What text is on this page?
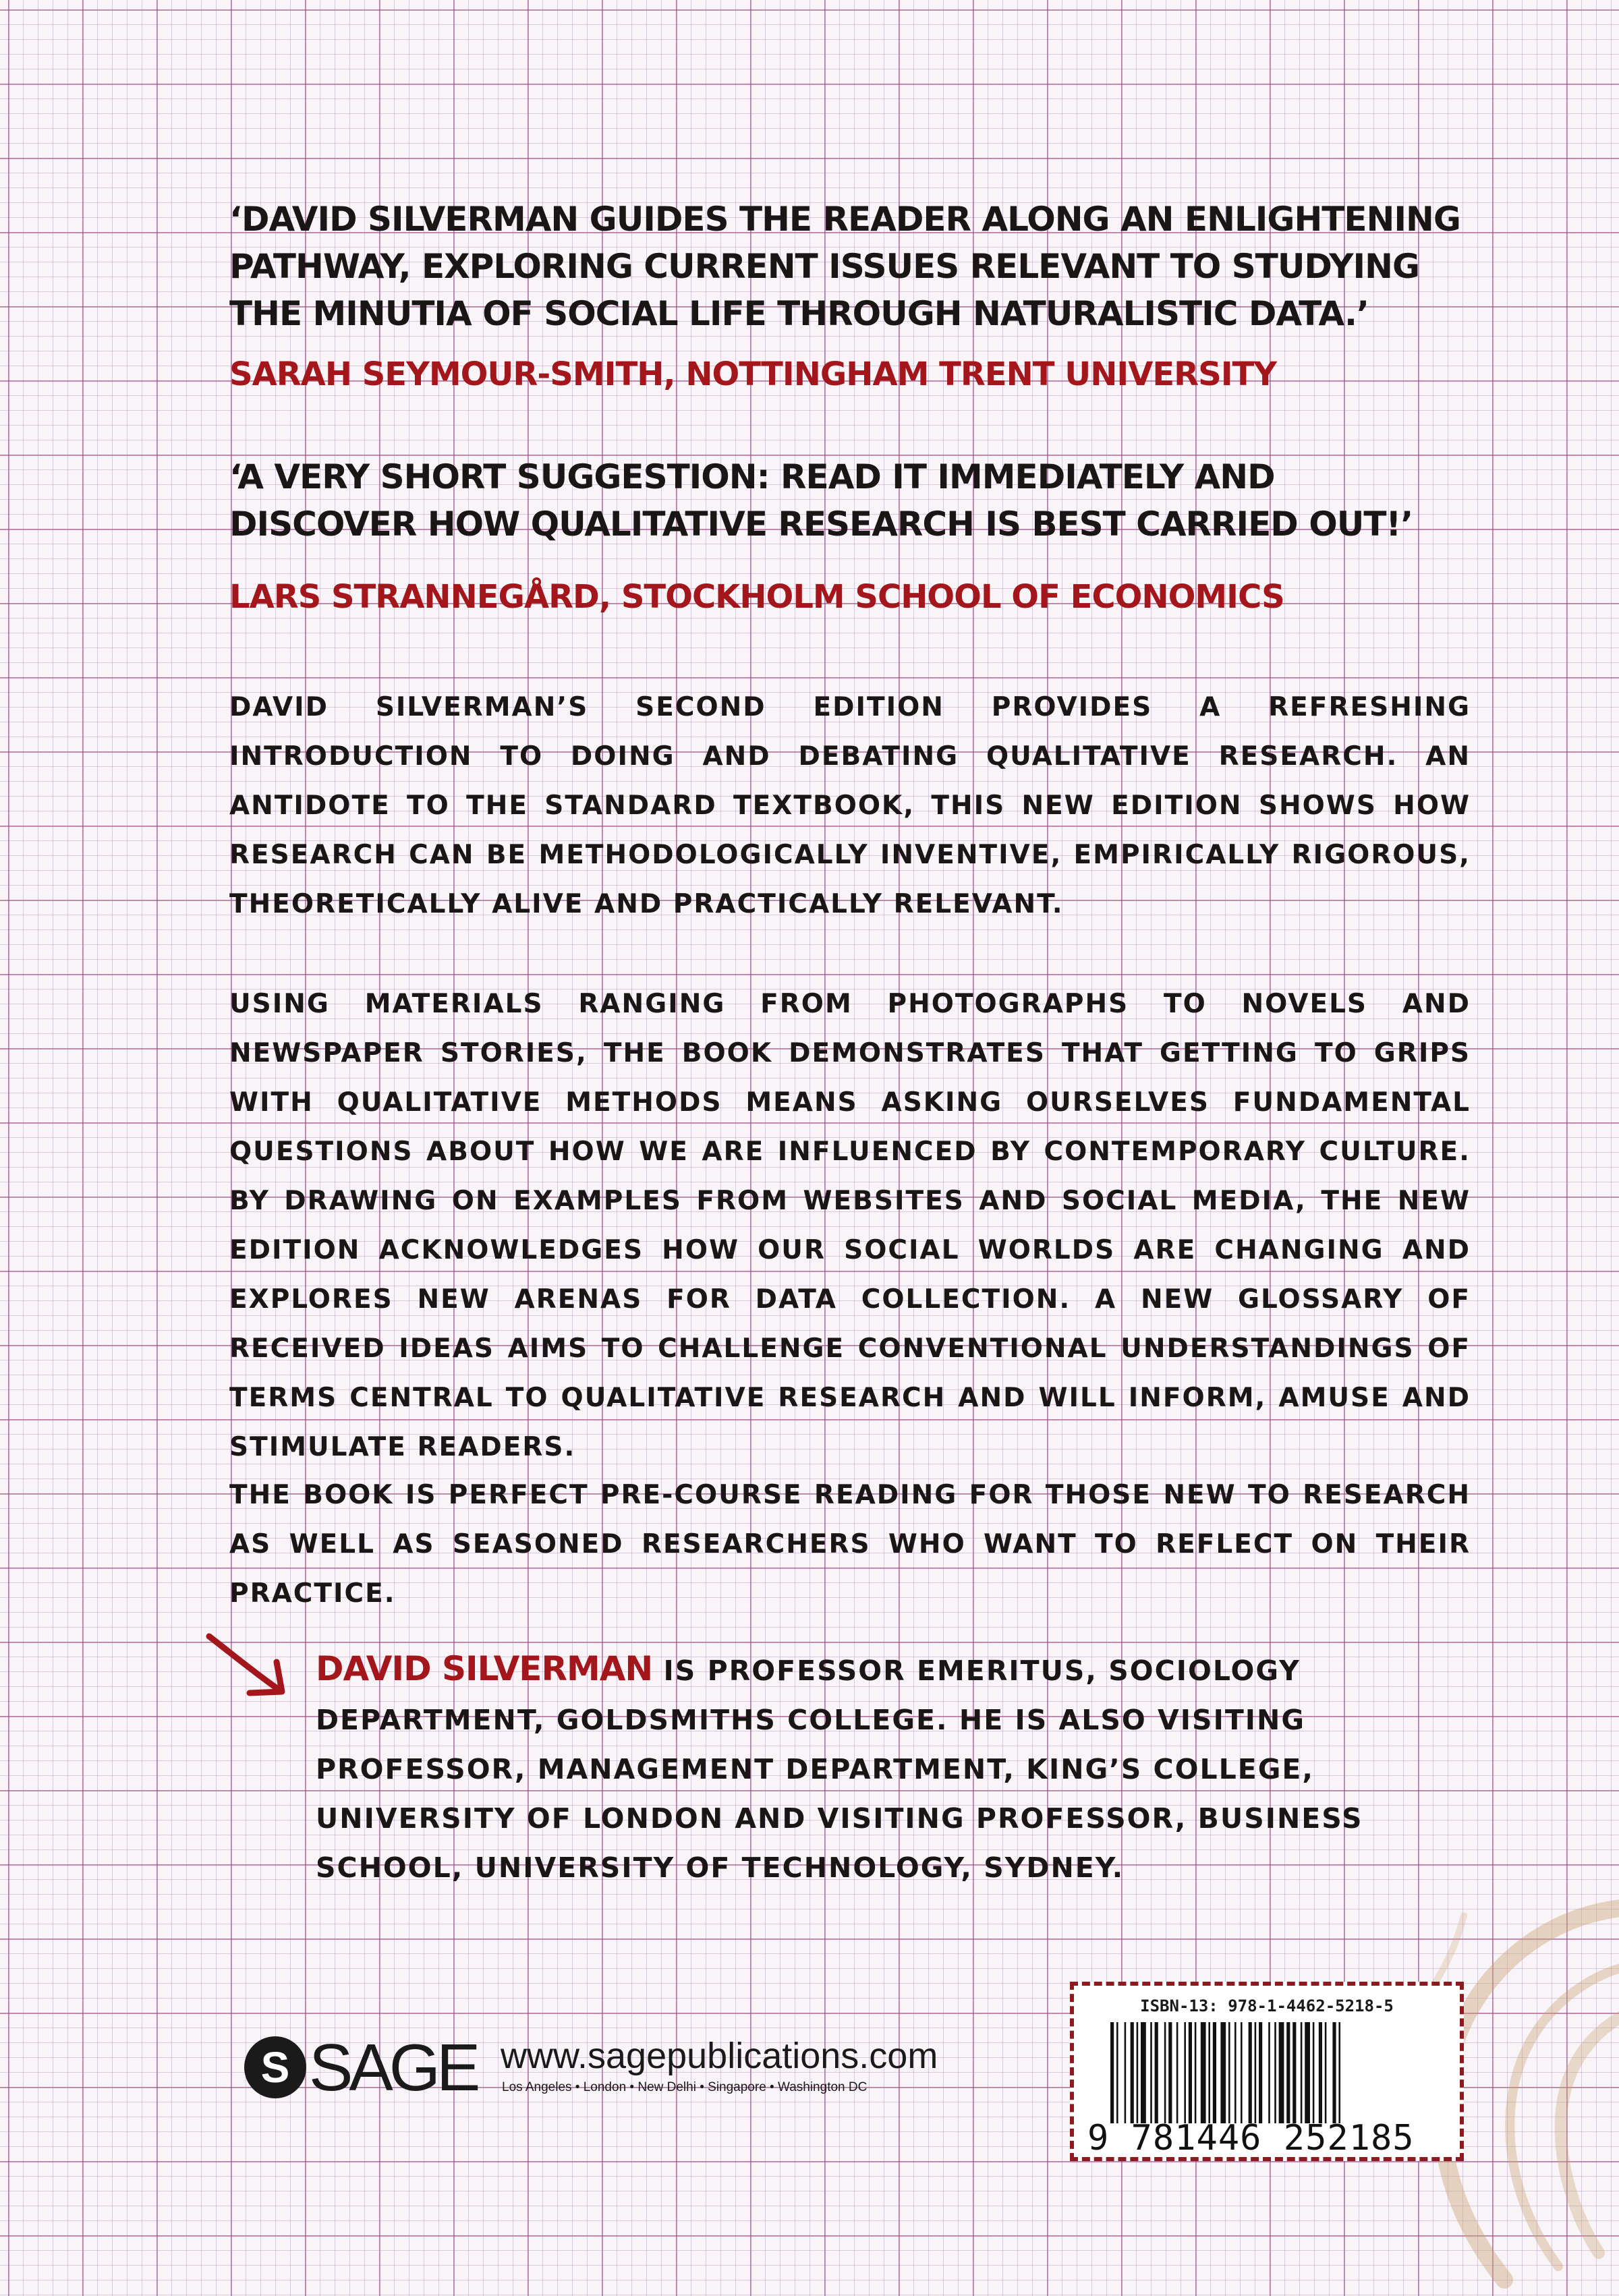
‘DAVID SILVERMAN GUIDES THE READER ALONG AN ENLIGHTENING PATHWAY, EXPLORING CURRENT ISSUES RELEVANT TO STUDYING THE MINUTIA OF SOCIAL LIFE THROUGH NATURALISTIC DATA.’
SARAH SEYMOUR-SMITH, NOTTINGHAM TRENT UNIVERSITY
‘A VERY SHORT SUGGESTION: READ IT IMMEDIATELY AND DISCOVER HOW QUALITATIVE RESEARCH IS BEST CARRIED OUT!’
LARS STRANNEGÅRD, STOCKHOLM SCHOOL OF ECONOMICS
DAVID SILVERMAN’S SECOND EDITION PROVIDES A REFRESHING INTRODUCTION TO DOING AND DEBATING QUALITATIVE RESEARCH. AN ANTIDOTE TO THE STANDARD TEXTBOOK, THIS NEW EDITION SHOWS HOW RESEARCH CAN BE METHODOLOGICALLY INVENTIVE, EMPIRICALLY RIGOROUS, THEORETICALLY ALIVE AND PRACTICALLY RELEVANT.
USING MATERIALS RANGING FROM PHOTOGRAPHS TO NOVELS AND NEWSPAPER STORIES, THE BOOK DEMONSTRATES THAT GETTING TO GRIPS WITH QUALITATIVE METHODS MEANS ASKING OURSELVES FUNDAMENTAL QUESTIONS ABOUT HOW WE ARE INFLUENCED BY CONTEMPORARY CULTURE. BY DRAWING ON EXAMPLES FROM WEBSITES AND SOCIAL MEDIA, THE NEW EDITION ACKNOWLEDGES HOW OUR SOCIAL WORLDS ARE CHANGING AND EXPLORES NEW ARENAS FOR DATA COLLECTION. A NEW GLOSSARY OF RECEIVED IDEAS AIMS TO CHALLENGE CONVENTIONAL UNDERSTANDINGS OF TERMS CENTRAL TO QUALITATIVE RESEARCH AND WILL INFORM, AMUSE AND STIMULATE READERS.
THE BOOK IS PERFECT PRE-COURSE READING FOR THOSE NEW TO RESEARCH AS WELL AS SEASONED RESEARCHERS WHO WANT TO REFLECT ON THEIR PRACTICE.
DAVID SILVERMAN IS PROFESSOR EMERITUS, SOCIOLOGY DEPARTMENT, GOLDSMITHS COLLEGE. HE IS ALSO VISITING PROFESSOR, MANAGEMENT DEPARTMENT, KING’S COLLEGE, UNIVERSITY OF LONDON AND VISITING PROFESSOR, BUSINESS SCHOOL, UNIVERSITY OF TECHNOLOGY, SYDNEY.
S SAGE www.sagepublications.com
Los Angeles • London • New Delhi • Singapore • Washington DC
ISBN-13: 978-1-4462-5218-5
9 781446 252185
